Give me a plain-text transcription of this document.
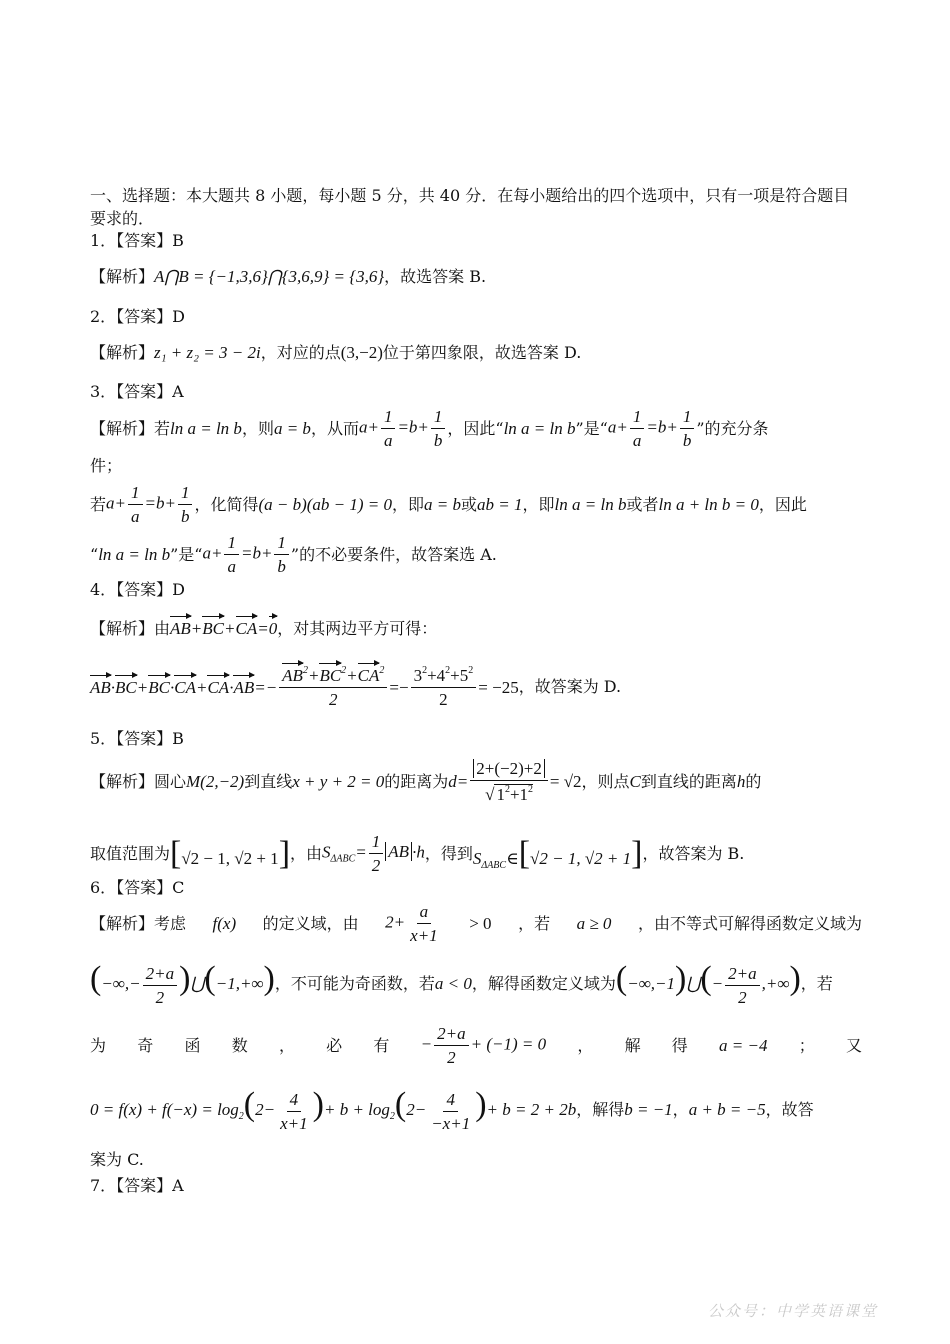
一、选择题：本大题共 8 小题，每小题 5 分，共 40 分．在每小题给出的四个选项中，只有一项是符合题目
要求的．
1．【答案】B
【解析】 A⋂B = {−1,3,6}⋂{3,6,9} = {3,6} ，故选答案 B.
2．【答案】D
【解析】 z₁ + z₂ = 3 − 2i ，对应的点 (3,−2) 位于第四象限，故选答案 D.
3．【答案】A
【解析】若 ln a = ln b ，则 a = b ，从而 $a+ \frac{1}{a} =b+ \frac{1}{b}$ ，因此“ ln a = ln b ”是“ $a+ \frac{1}{a} =b+ \frac{1}{b}$ ”的充分条
件；
若 $a+ \frac{1}{a} =b+ \frac{1}{b}$ ，化简得 (a − b)(ab − 1) = 0 ，即 a = b 或 ab = 1 ，即 ln a = ln b 或者 ln a + ln b = 0 ，因此
“ ln a = ln b ”是“ $a+ \frac{1}{a} =b+ \frac{1}{b}$ ”的不必要条件，故答案选 A.
4．【答案】D
【解析】由 AB+BC+CA=0 ，对其两边平方可得：
$AB\cdot BC+BC\cdot CA+CA\cdot AB=- \frac{AB^2+BC^2+CA^2}{2} =- \frac{3^2+4^2+5^2}{2} = -25$ ，故答案为 D.
5．【答案】B
【解析】圆心 M(2,−2) 到直线 x + y + 2 = 0 的距离为 $d= \frac{2+(-2)+2}{√ 1^2+1^2} = √2$ ，则点 C 到直线的距离 h 的
取值范围为 [√2 − 1, √2 + 1] ，由 $S_{\Delta ABC}= \frac{1}{2}$ AB ·h ，得到 $S_{\Delta ABC}\in[√2 - 1$, √2 + 1] ，故答案为 B.
6．【答案】C
【解析】考虑 f(x) 的定义域，由 $2+ \frac{a}{x+1} > 0$ ，若 a ≥ 0 ，由不等式可解得函数定义域为
(−∞,− $\frac{2+a}{2}$ )⋃(−1,+∞) ，不可能为奇函数，若 a < 0 ，解得函数定义域为 (−∞,−1)⋃(− $\frac{2+a}{2}$ ,+∞) ，若
为 奇 函 数 ， 必 有 − $\frac{2+a}{2} + (-1) = 0$ ， 解 得 a = −4 ； 又
$0 = f(x) + f(-x) = \log_2(2- \frac{4}{x+1}$ )+ $b + \log_2(2- \frac{4}{-x+1}$ )+ b = 2 + 2b ，解得 b = −1 ， a + b = −5 ，故答
案为 C.
7．【答案】A
公众号：中学英语课堂
